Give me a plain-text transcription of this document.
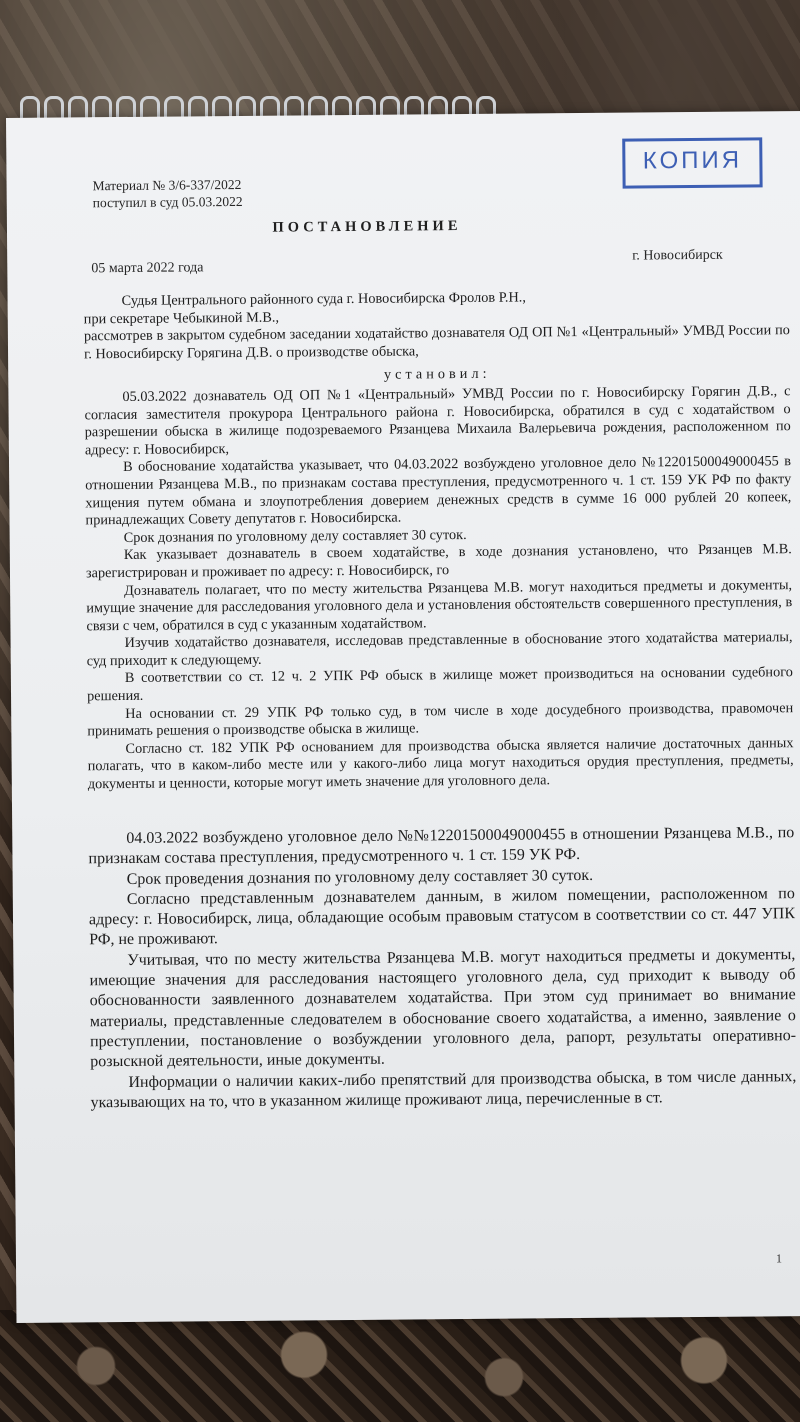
КОПИЯ
Материал № 3/6-337/2022
поступил в суд 05.03.2022
ПОСТАНОВЛЕНИЕ
05 марта 2022 года
г. Новосибирск

Судья Центрального районного суда г. Новосибирска Фролов Р.Н.,

при секретаре Чебыкиной М.В.,

рассмотрев в закрытом судебном заседании ходатайство дознавателя ОД ОП №1 «Центральный» УМВД России по г. Новосибирску Горягина Д.В. о производстве обыска,

установил:

05.03.2022 дознаватель ОД ОП №1 «Центральный» УМВД России по г. Новосибирску Горягин Д.В., с согласия заместителя прокурора Центрального района г. Новосибирска, обратился в суд с ходатайством о разрешении обыска в жилище подозреваемого Рязанцева Михаила Валерьевича рождения, расположенном по адресу: г. Новосибирск,

В обоснование ходатайства указывает, что 04.03.2022 возбуждено уголовное дело №12201500049000455 в отношении Рязанцева М.В., по признакам состава преступления, предусмотренного ч. 1 ст. 159 УК РФ по факту хищения путем обмана и злоупотребления доверием денежных средств в сумме 16 000 рублей 20 копеек, принадлежащих Совету депутатов г. Новосибирска.

Срок дознания по уголовному делу составляет 30 суток.

Как указывает дознаватель в своем ходатайстве, в ходе дознания установлено, что Рязанцев М.В. зарегистрирован и проживает по адресу: г. Новосибирск, го

Дознаватель полагает, что по месту жительства Рязанцева М.В. могут находиться предметы и документы, имущие значение для расследования уголовного дела и установления обстоятельств совершенного преступления, в связи с чем, обратился в суд с указанным ходатайством.

Изучив ходатайство дознавателя, исследовав представленные в обоснование этого ходатайства материалы, суд приходит к следующему.

В соответствии со ст. 12 ч. 2 УПК РФ обыск в жилище может производиться на основании судебного решения.

На основании ст. 29 УПК РФ только суд, в том числе в ходе досудебного производства, правомочен принимать решения о производстве обыска в жилище.

Согласно ст. 182 УПК РФ основанием для производства обыска является наличие достаточных данных полагать, что в каком-либо месте или у какого-либо лица могут находиться орудия преступления, предметы, документы и ценности, которые могут иметь значение для уголовного дела.

04.03.2022 возбуждено уголовное дело №№12201500049000455 в отношении Рязанцева М.В., по признакам состава преступления, предусмотренного ч. 1 ст. 159 УК РФ.

Срок проведения дознания по уголовному делу составляет 30 суток.

Согласно представленным дознавателем данным, в жилом помещении, расположенном по адресу: г. Новосибирск, лица, обладающие особым правовым статусом в соответствии со ст. 447 УПК РФ, не проживают.

Учитывая, что по месту жительства Рязанцева М.В. могут находиться предметы и документы, имеющие значения для расследования настоящего уголовного дела, суд приходит к выводу об обоснованности заявленного дознавателем ходатайства. При этом суд принимает во внимание материалы, представленные следователем в обоснование своего ходатайства, а именно, заявление о преступлении, постановление о возбуждении уголовного дела, рапорт, результаты оперативно-розыскной деятельности, иные документы.

Информации о наличии каких-либо препятствий для производства обыска, в том числе данных, указывающих на то, что в указанном жилище проживают лица, перечисленные в ст.

1
